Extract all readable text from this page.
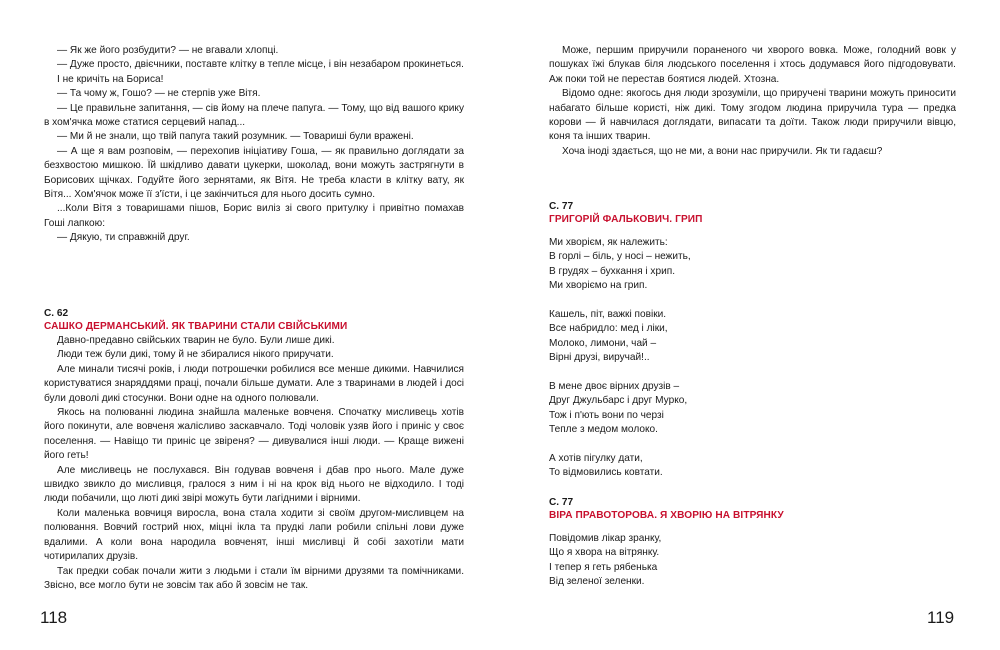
— Як же його розбудити? — не вгавали хлопці.

— Дуже просто, двієчники, поставте клітку в тепле місце, і він незабаром прокинеться.

І не кричіть на Бориса!

— Та чому ж, Гошо? — не стерпів уже Вітя.

— Це правильне запитання, — сів йому на плече папуга. — Тому, що від вашого крику в хом'ячка може статися серцевий напад...

— Ми й не знали, що твій папуга такий розумник. — Товариші були вражені.

— А ще я вам розповім, — перехопив ініціативу Гоша, — як правильно доглядати за безхвостою мишкою. Їй шкідливо давати цукерки, шоколад, вони можуть застрягнути в Борисових щічках. Годуйте його зернятами, як Вітя. Не треба класти в клітку вату, як Вітя... Хом'ячок може її з'їсти, і це закінчиться для нього досить сумно.

...Коли Вітя з товаришами пішов, Борис виліз зі свого притулку і привітно помахав Гоші лапкою:

— Дякую, ти справжній друг.

С. 62
САШКО ДЕРМАНСЬКИЙ. ЯК ТВАРИНИ СТАЛИ СВІЙСЬКИМИ

Давно-предавно свійських тварин не було. Були лише дикі.

Люди теж були дикі, тому й не збиралися нікого приручати.

Але минали тисячі років, і люди потрошечки робилися все менше дикими. Навчилися користуватися знаряддями праці, почали більше думати. Але з тваринами в людей і досі були доволі дикі стосунки. Вони одне на одного полювали.

Якось на полюванні людина знайшла маленьке вовченя. Спочатку мисливець хотів його покинути, але вовченя жалісливо заскавчало. Тоді чоловік узяв його і приніс у своє поселення. — Навіщо ти приніс це звіреня? — дивувалися інші люди. — Краще виженi його геть!

Але мисливець не послухався. Він годував вовченя і дбав про нього. Мале дуже швидко звикло до мисливця, гралося з ним і ні на крок від нього не відходило. І тоді люди побачили, що люті дикі звірі можуть бути лагідними і вірними.

Коли маленька вовчиця виросла, вона стала ходити зі своїм другом-мисливцем на полювання. Вовчий гострий нюх, міцні ікла та прудкі лапи робили спільні лови дуже вдалими. А коли вона народила вовченят, інші мисливці й собі захотіли мати чотирилапих друзів.

Так предки собак почали жити з людьми і стали їм вірними друзями та помічниками. Звісно, все могло бути не зовсім так або й зовсім не так.

118

Може, першим приручили пораненого чи хворого вовка. Може, голодний вовк у пошуках їжі блукав біля людського поселення і хтось додумався його підгодовувати. Аж поки той не перестав боятися людей. Хтозна.

Відомо одне: якогось дня люди зрозуміли, що приручені тварини можуть приносити набагато більше користі, ніж дикі. Тому згодом людина приручила тура — предка корови — й навчилася доглядати, випасати та доїти. Також люди приручили вівцю, коня та інших тварин.

Хоча іноді здається, що не ми, а вони нас приручили. Як ти гадаєш?

С. 77
ГРИГОРІЙ ФАЛЬКОВИЧ. ГРИП

Ми хворієм, як належить:

В горлі – біль, у носі – нежить,

В грудях – бухкання і хрип.

Ми хворіємо на грип.

Кашель, піт, важкі повіки.

Все набридло: мед і ліки,

Молоко, лимони, чай –

Вірні друзі, виручай!..

В мене двоє вірних друзів –

Друг Джульбарс і друг Мурко,

Тож і п'ють вони по черзі

Тепле з медом молоко.

А хотів пігулку дати,

То відмовились ковтати.

С. 77
ВІРА ПРАВОТОРОВА. Я ХВОРІЮ НА ВІТРЯНКУ

Повідомив лікар зранку,

Що я хвора на вітрянку.

І тепер я геть рябенька

Від зеленої зеленки.

119
